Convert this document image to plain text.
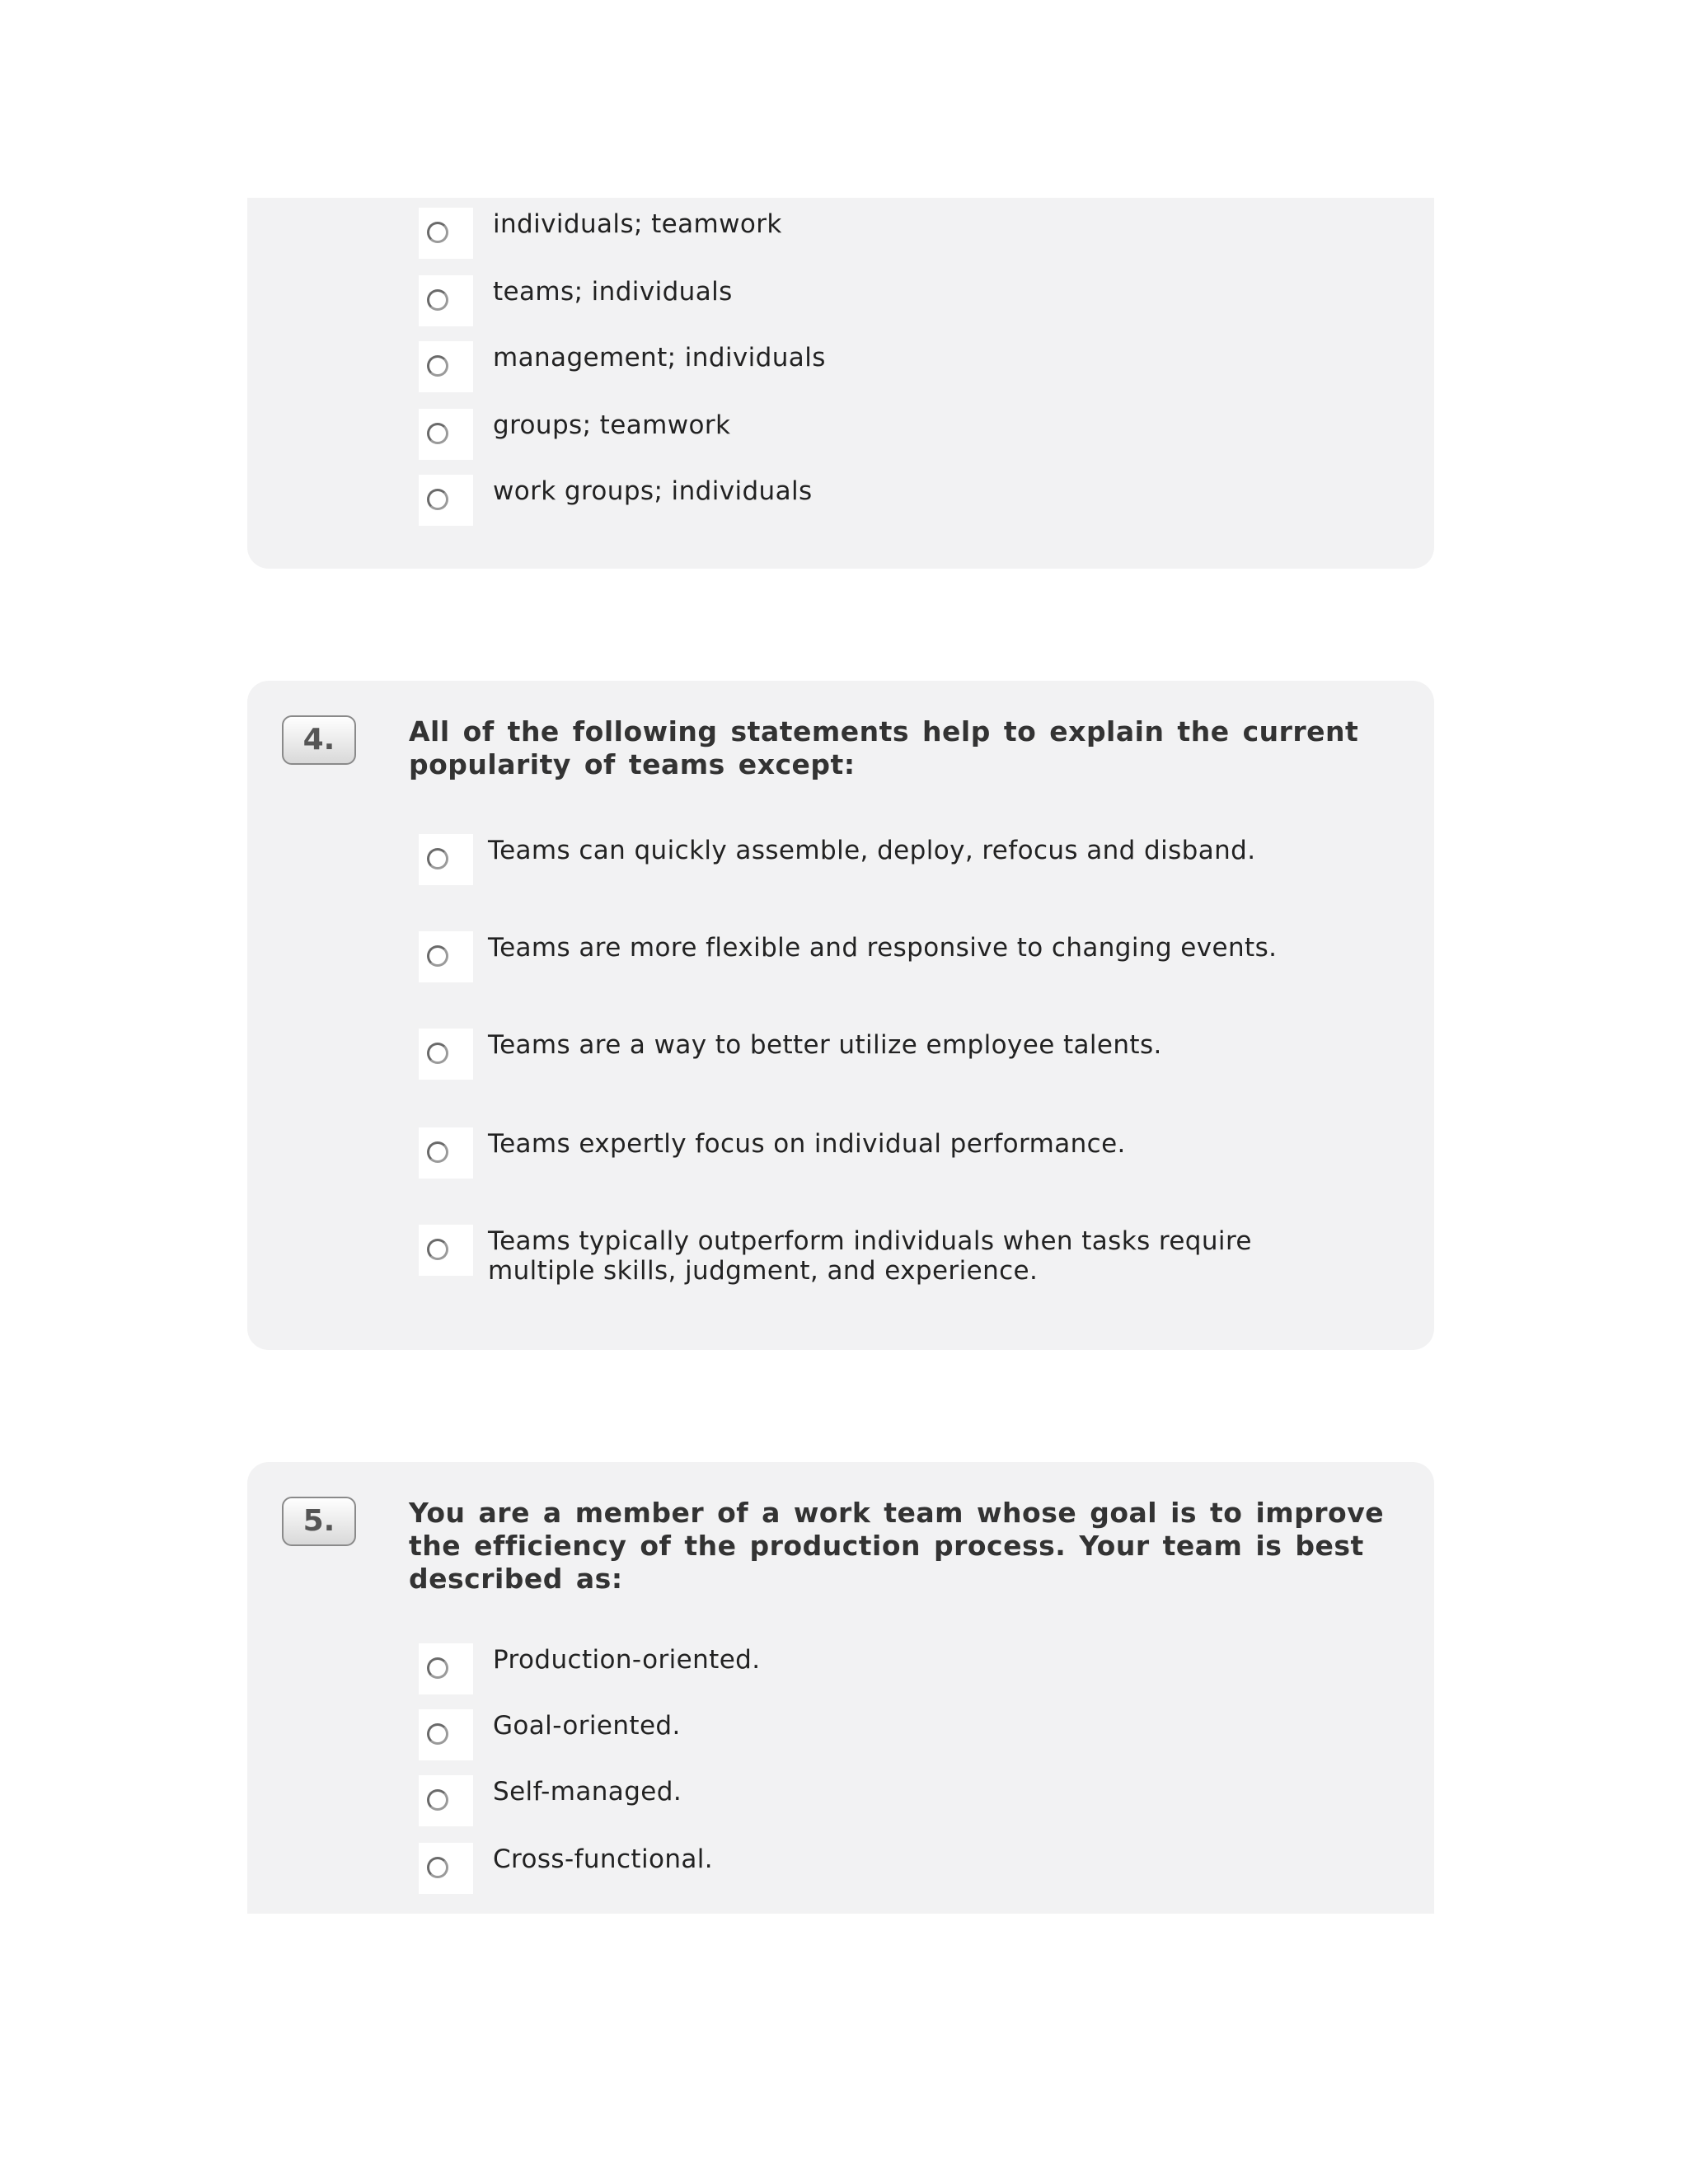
individuals; teamwork
teams; individuals
management; individuals
groups; teamwork
work groups; individuals
4.	All of the following statements help to explain the current popularity of teams except:

Teams can quickly assemble, deploy, refocus and disband.
Teams are more flexible and responsive to changing events.
Teams are a way to better utilize employee talents.
Teams expertly focus on individual performance.
Teams typically outperform individuals when tasks require multiple skills, judgment, and experience.
5.	You are a member of a work team whose goal is to improve the efficiency of the production process. Your team is best described as:

Production-oriented.
Goal-oriented.
Self-managed.
Cross-functional.
